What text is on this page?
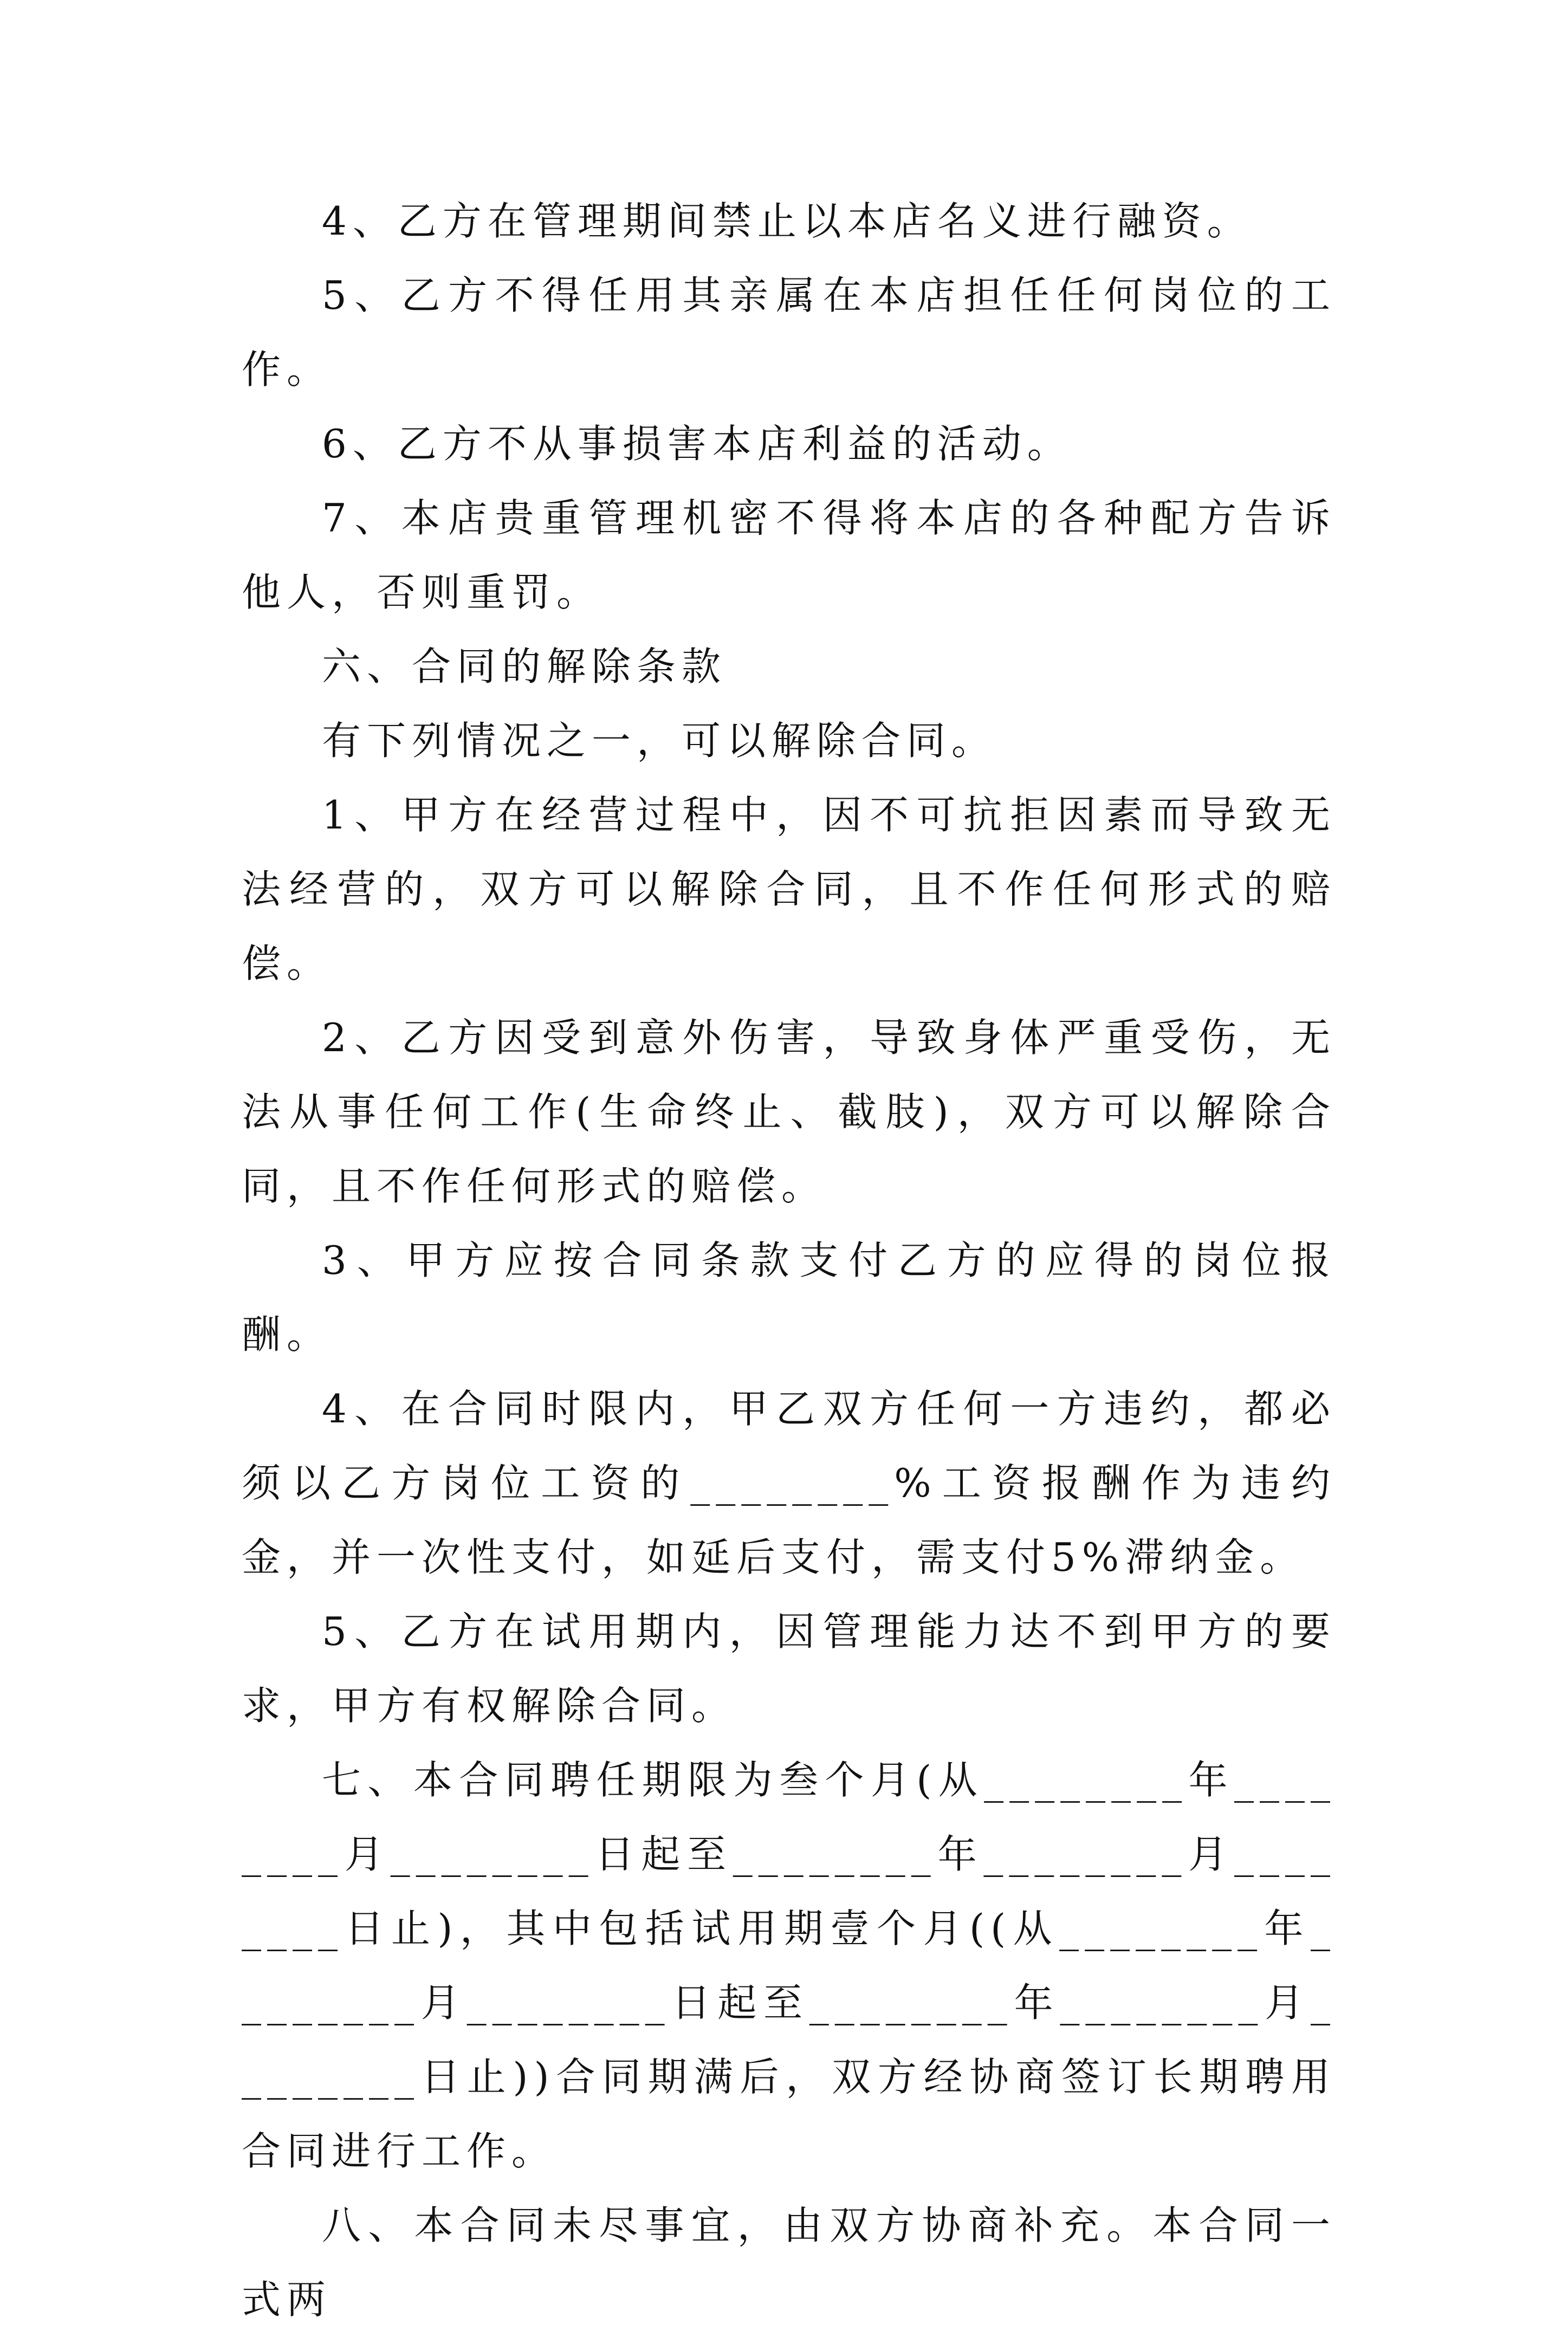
4、乙方在管理期间禁止以本店名义进行融资。

5、乙方不得任用其亲属在本店担任任何岗位的工作。

6、乙方不从事损害本店利益的活动。

7、本店贵重管理机密不得将本店的各种配方告诉他人，否则重罚。

六、合同的解除条款

有下列情况之一，可以解除合同。

1、甲方在经营过程中，因不可抗拒因素而导致无法经营的，双方可以解除合同，且不作任何形式的赔偿。

2、乙方因受到意外伤害，导致身体严重受伤，无法从事任何工作(生命终止、截肢)，双方可以解除合同，且不作任何形式的赔偿。

3、甲方应按合同条款支付乙方的应得的岗位报酬。

4、在合同时限内，甲乙双方任何一方违约，都必须以乙方岗位工资的________%工资报酬作为违约金，并一次性支付，如延后支付，需支付5%滞纳金。

5、乙方在试用期内，因管理能力达不到甲方的要求，甲方有权解除合同。

七、本合同聘任期限为叁个月(从________年________月________日起至________年________月________日止)，其中包括试用期壹个月((从________年________月________日起至________年________月________日止))合同期满后，双方经协商签订长期聘用合同进行工作。

八、本合同未尽事宜，由双方协商补充。本合同一式两
